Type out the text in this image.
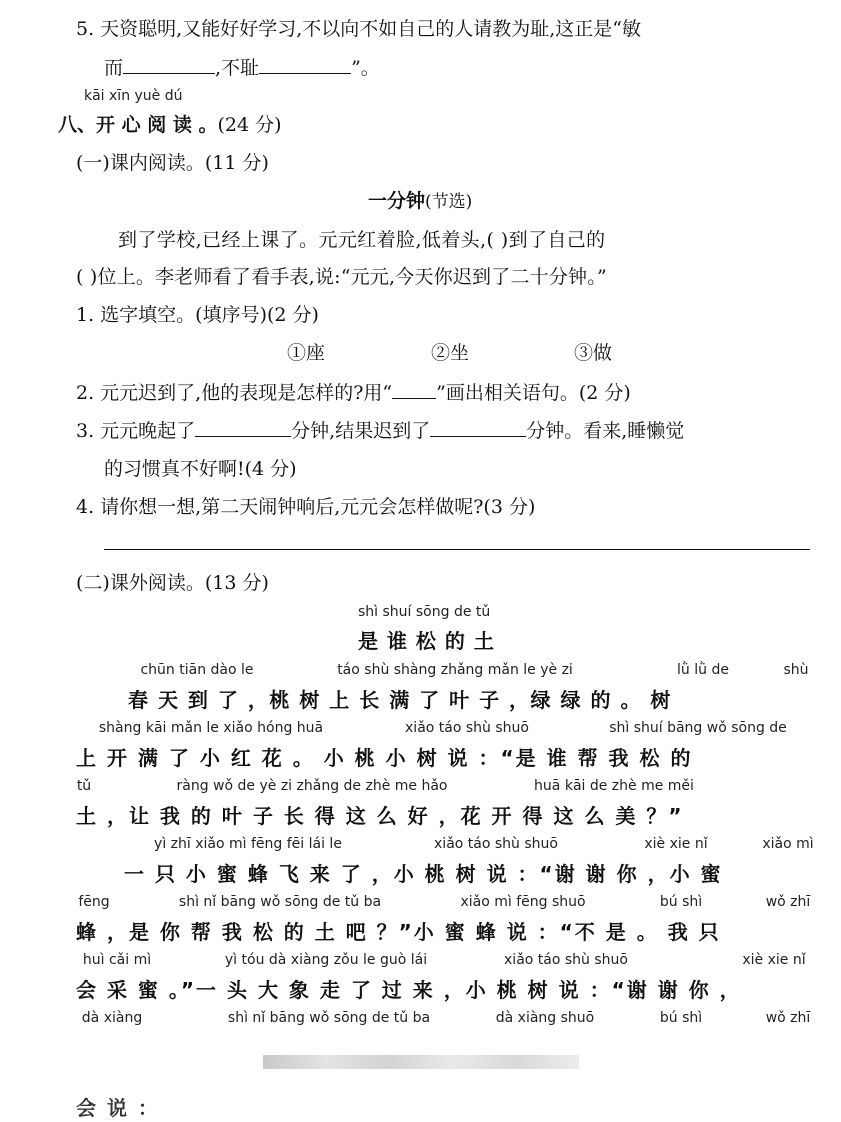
5. 天资聪明,又能好好学习,不以向不如自己的人请教为耻,这正是“敏
而	,不耻	”。
kāi xīn yuè dú
八、开 心 阅 读 。(24 分)
(一)课内阅读。(11 分)
一分钟(节选)
到了学校,已经上课了。元元红着脸,低着头,( )到了自己的
( )位上。李老师看了看手表,说:“元元,今天你迟到了二十分钟。”
1. 选字填空。(填序号)(2 分)
①座	②坐	③做
2. 元元迟到了,他的表现是怎样的?用“ ”画出相关语句。(2 分)
3. 元元晚起了	分钟,结果迟到了	分钟。看来,睡懒觉
的习惯真不好啊!(4 分)
4. 请你想一想,第二天闹钟响后,元元会怎样做呢?(3 分)
(二)课外阅读。(13 分)
shì shuí sōng de tǔ
是 谁 松 的 土
chūn tiān dào le	táo shù shàng zhǎng mǎn le yè zi	lǜ lǜ de	shù
春 天 到 了 ，桃 树 上 长 满 了 叶 子 ，绿 绿 的 。 树
shàng kāi mǎn le xiǎo hóng huā	xiǎo táo shù shuō	shì shuí bāng wǒ sōng de
上 开 满 了 小 红 花 。 小 桃 小 树 说 ：“是 谁 帮 我 松 的
tǔ	ràng wǒ de yè zi zhǎng de zhè me hǎo	huā kāi de zhè me měi
土 ，让 我 的 叶 子 长 得 这 么 好 ，花 开 得 这 么 美 ？”
yì zhī xiǎo mì fēng fēi lái le	xiǎo táo shù shuō	xiè xie nǐ	xiǎo mì
一 只 小 蜜 蜂 飞 来 了 ，小 桃 树 说 ：“谢 谢 你 ，小 蜜
fēng	shì nǐ bāng wǒ sōng de tǔ ba	xiǎo mì fēng shuō	bú shì	wǒ zhī
蜂 ，是 你 帮 我 松 的 土 吧 ？”小 蜜 蜂 说 ：“不 是 。 我 只
huì cǎi mì	yì tóu dà xiàng zǒu le guò lái	xiǎo táo shù shuō	xiè xie nǐ
会 采 蜜 。”一 头 大 象 走 了 过 来 ，小 桃 树 说 ：“谢 谢 你 ，
dà xiàng	shì nǐ bāng wǒ sōng de tǔ ba	dà xiàng shuō	bú shì	wǒ zhī
会 说 ：
